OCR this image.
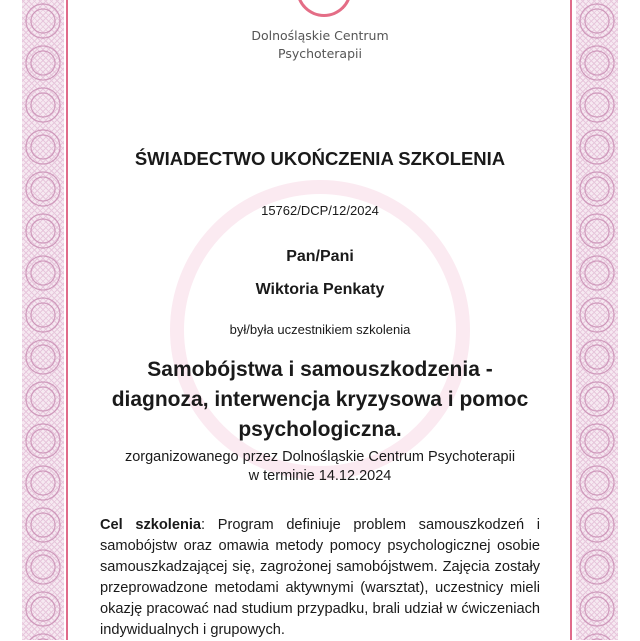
Dolnośląskie Centrum
Psychoterapii
ŚWIADECTWO UKOŃCZENIA SZKOLENIA
15762/DCP/12/2024
Pan/Pani
Wiktoria Penkaty
był/była uczestnikiem szkolenia
Samobójstwa i samouszkodzenia -
diagnoza, interwencja kryzysowa i pomoc
psychologiczna.
zorganizowanego przez Dolnośląskie Centrum Psychoterapii
w terminie 14.12.2024
Cel szkolenia: Program definiuje problem samouszkodzeń i samobójstw oraz omawia metody pomocy psychologicznej osobie samouszkadzającej się, zagrożonej samobójstwem. Zajęcia zostały przeprowadzone metodami aktywnymi (warsztat), uczestnicy mieli okazję pracować nad studium przypadku, brali udział w ćwiczeniach indywidualnych i grupowych.
